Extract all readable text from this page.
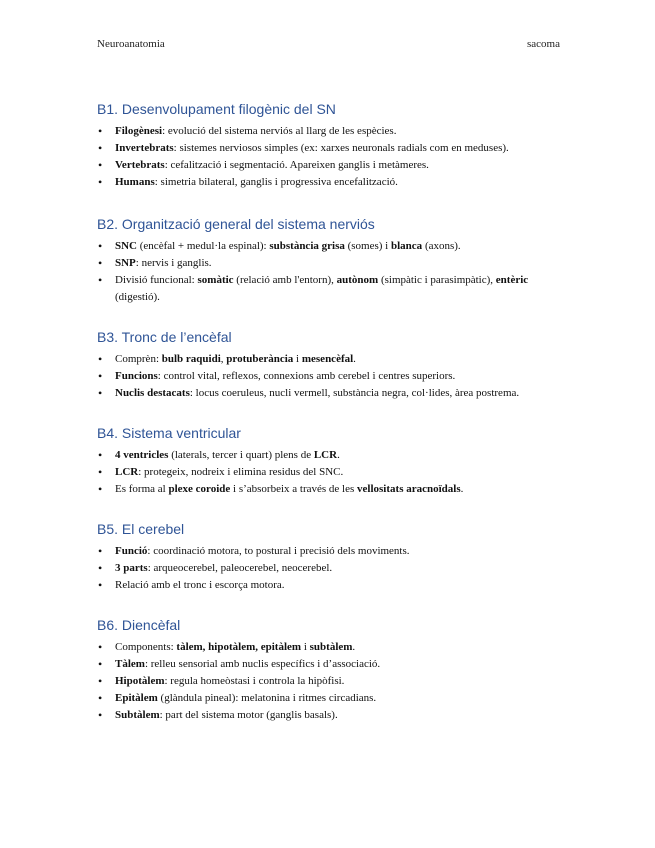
Neuroanatomia	sacoma
B1. Desenvolupament filogènic del SN
• Filogènesi: evolució del sistema nerviós al llarg de les espècies.
• Invertebrats: sistemes nerviosos simples (ex: xarxes neuronals radials com en meduses).
• Vertebrats: cefalització i segmentació. Apareixen ganglis i metàmeres.
• Humans: simetria bilateral, ganglis i progressiva encefalització.
B2. Organització general del sistema nerviós
• SNC (encèfal + medul·la espinal): substància grisa (somes) i blanca (axons).
• SNP: nervis i ganglis.
• Divisió funcional: somàtic (relació amb l'entorn), autònom (simpàtic i parasimpàtic), entèric (digestió).
B3. Tronc de l’encèfal
• Comprèn: bulb raquidi, protuberància i mesencèfal.
• Funcions: control vital, reflexos, connexions amb cerebel i centres superiors.
• Nuclis destacats: locus coeruleus, nucli vermell, substància negra, col·lides, àrea postrema.
B4. Sistema ventricular
• 4 ventricles (laterals, tercer i quart) plens de LCR.
• LCR: protegeix, nodreix i elimina residus del SNC.
• Es forma al plexe coroide i s’absorbeix a través de les vellositats aracnoïdals.
B5. El cerebel
• Funció: coordinació motora, to postural i precisió dels moviments.
• 3 parts: arqueocerebel, paleocerebel, neocerebel.
• Relació amb el tronc i escorça motora.
B6. Diencèfal
• Components: tàlem, hipotàlem, epitàlem i subtàlem.
• Tàlem: relleu sensorial amb nuclis específics i d’associació.
• Hipotàlem: regula homeòstasi i controla la hipòfisi.
• Epitàlem (glàndula pineal): melatonina i ritmes circadians.
• Subtàlem: part del sistema motor (ganglis basals).
